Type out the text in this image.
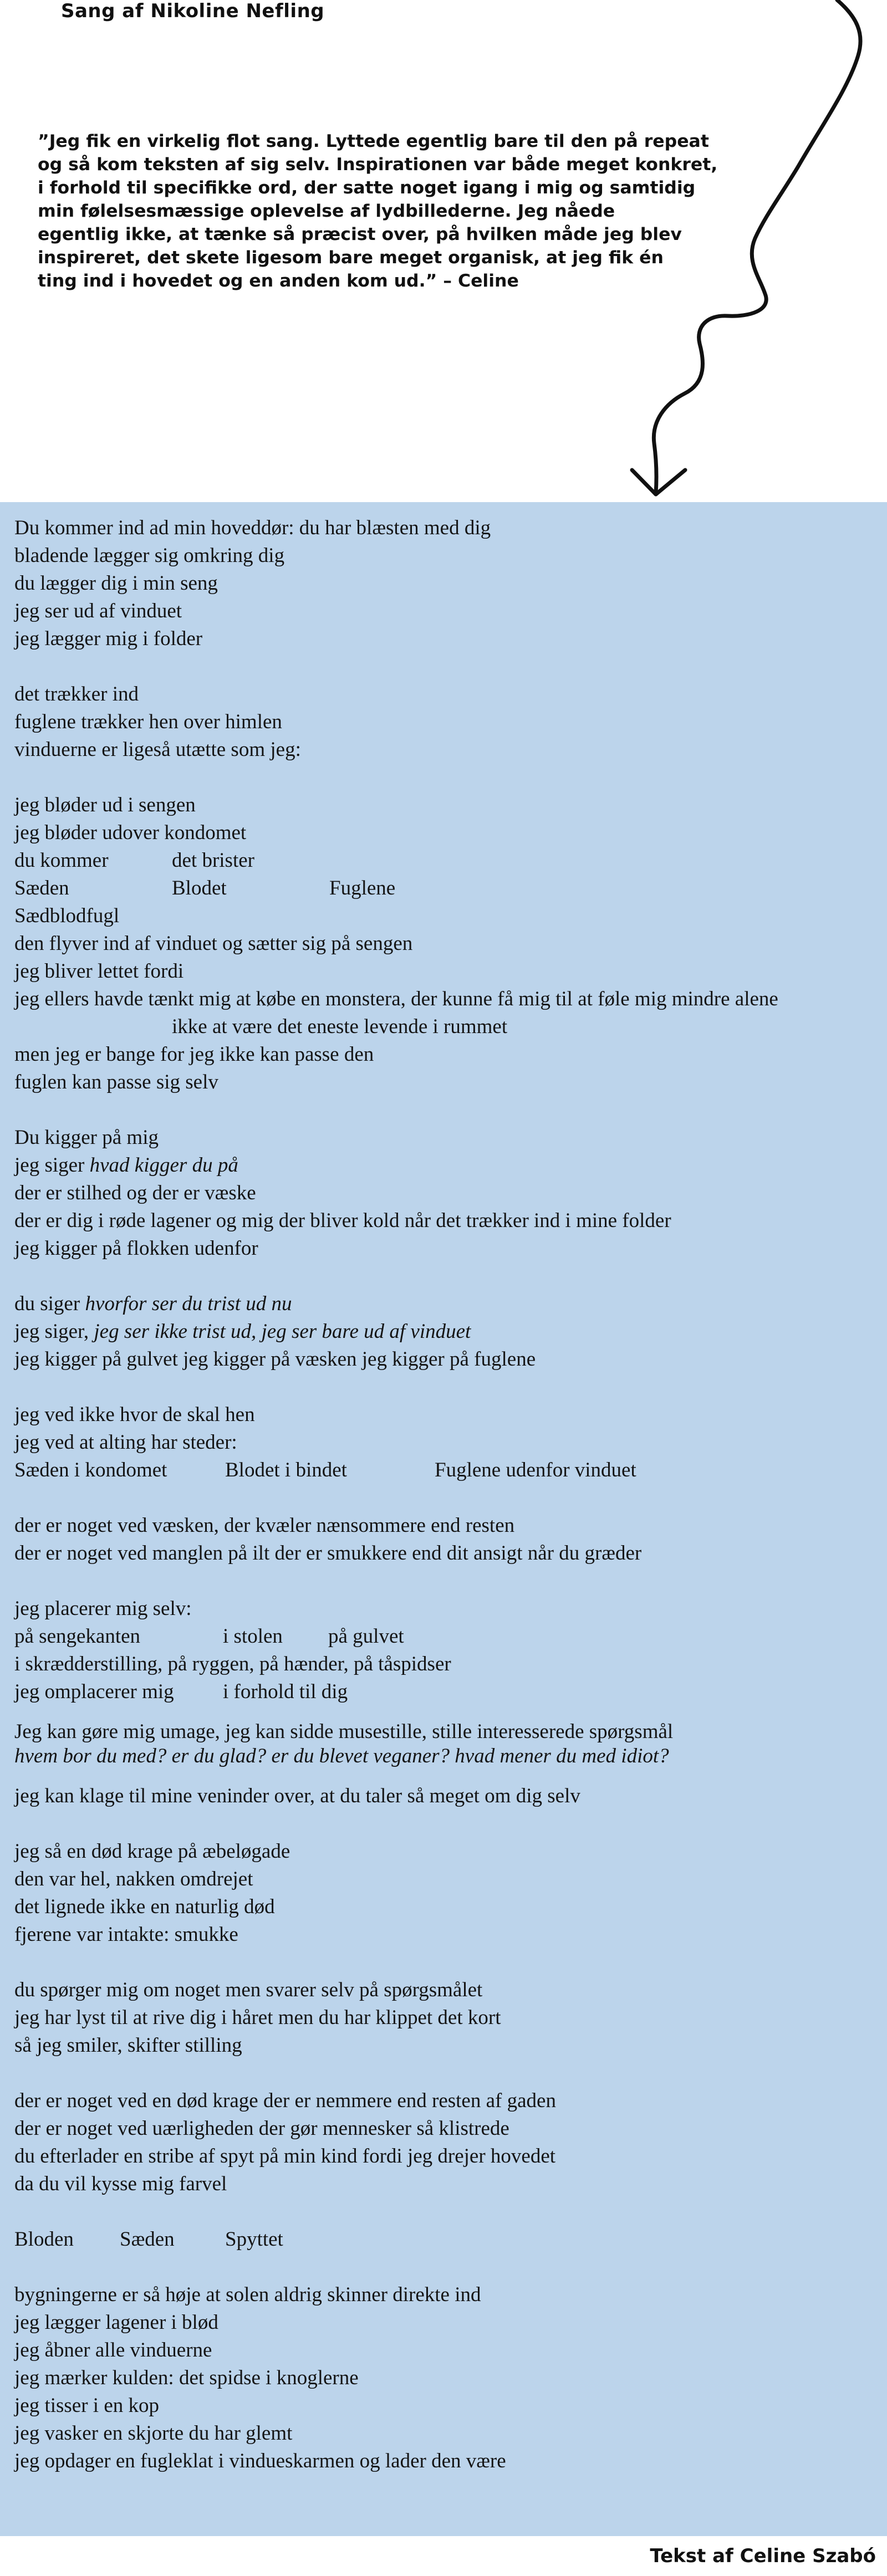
Sang af Nikoline Nefling
”Jeg fik en virkelig flot sang. Lyttede egentlig bare til den på repeat
og så kom teksten af sig selv. Inspirationen var både meget konkret,
i forhold til specifikke ord, der satte noget igang i mig og samtidig
min følelsesmæssige oplevelse af lydbillederne. Jeg nåede
egentlig ikke, at tænke så præcist over, på hvilken måde jeg blev
inspireret, det skete ligesom bare meget organisk, at jeg fik én
ting ind i hovedet og en anden kom ud.” – Celine
Du kommer ind ad min hoveddør: du har blæsten med dig
bladende lægger sig omkring dig
du lægger dig i min seng
jeg ser ud af vinduet
jeg lægger mig i folder
det trækker ind
fuglene trækker hen over himlen
vinduerne er ligeså utætte som jeg:
jeg bløder ud i sengen
jeg bløder udover kondomet
du kommer	det brister
Sæden	Blodet	Fuglene
Sædblodfugl
den flyver ind af vinduet og sætter sig på sengen
jeg bliver lettet fordi
jeg ellers havde tænkt mig at købe en monstera, der kunne få mig til at føle mig mindre alene
ikke at være det eneste levende i rummet
men jeg er bange for jeg ikke kan passe den
fuglen kan passe sig selv
Du kigger på mig
jeg siger hvad kigger du på
der er stilhed og der er væske
der er dig i røde lagener og mig der bliver kold når det trækker ind i mine folder
jeg kigger på flokken udenfor
du siger hvorfor ser du trist ud nu
jeg siger, jeg ser ikke trist ud, jeg ser bare ud af vinduet
jeg kigger på gulvet jeg kigger på væsken jeg kigger på fuglene
jeg ved ikke hvor de skal hen
jeg ved at alting har steder:
Sæden i kondomet	Blodet i bindet	Fuglene udenfor vinduet
der er noget ved væsken, der kvæler nænsommere end resten
der er noget ved manglen på ilt der er smukkere end dit ansigt når du græder
jeg placerer mig selv:
på sengekanten	i stolen på gulvet
i skrædderstilling, på ryggen, på hænder, på tåspidser
jeg omplacerer mig i forhold til dig
Jeg kan gøre mig umage, jeg kan sidde musestille, stille interesserede spørgsmål
hvem bor du med? er du glad? er du blevet veganer? hvad mener du med idiot?
jeg kan klage til mine veninder over, at du taler så meget om dig selv
jeg så en død krage på æbeløgade
den var hel, nakken omdrejet
det lignede ikke en naturlig død
fjerene var intakte: smukke
du spørger mig om noget men svarer selv på spørgsmålet
jeg har lyst til at rive dig i håret men du har klippet det kort
så jeg smiler, skifter stilling
der er noget ved en død krage der er nemmere end resten af gaden
der er noget ved uærligheden der gør mennesker så klistrede
du efterlader en stribe af spyt på min kind fordi jeg drejer hovedet
da du vil kysse mig farvel
Bloden Sæden Spyttet
bygningerne er så høje at solen aldrig skinner direkte ind
jeg lægger lagener i blød
jeg åbner alle vinduerne
jeg mærker kulden: det spidse i knoglerne
jeg tisser i en kop
jeg vasker en skjorte du har glemt
jeg opdager en fugleklat i vindueskarmen og lader den være
Tekst af Celine Szabó
